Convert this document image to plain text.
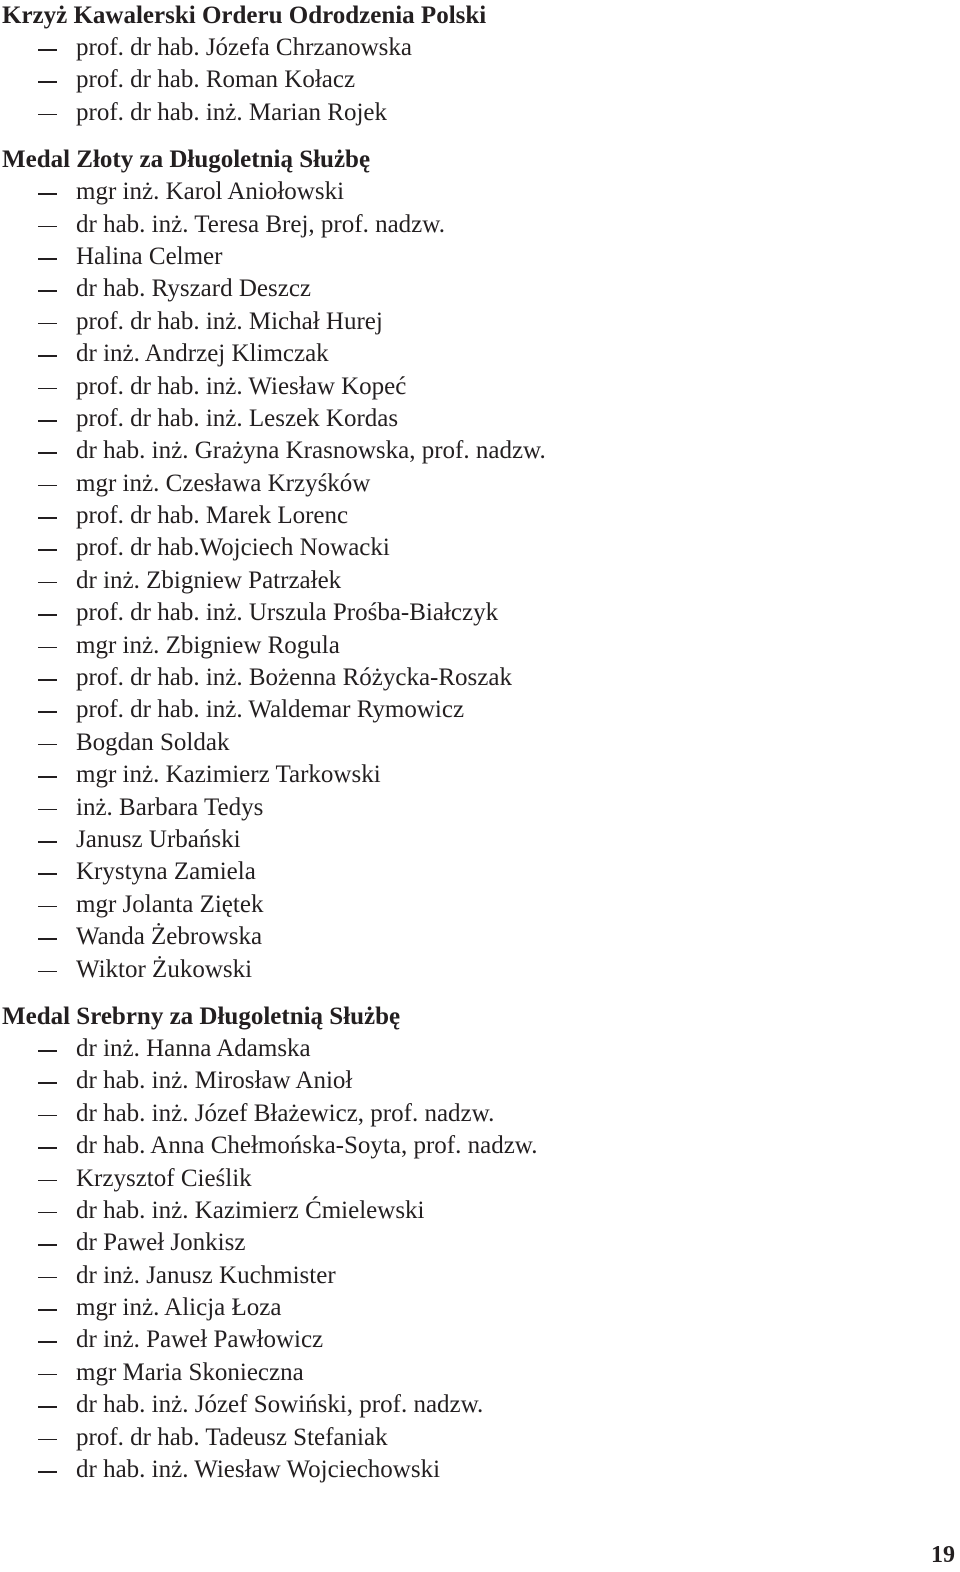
Krzyż Kawalerski Orderu Odrodzenia Polski
prof. dr hab. Józefa Chrzanowska
prof. dr hab. Roman Kołacz
prof. dr hab. inż. Marian Rojek
Medal Złoty za Długoletnią Służbę
mgr inż. Karol Aniołowski
dr hab. inż. Teresa Brej, prof. nadzw.
Halina Celmer
dr hab. Ryszard Deszcz
prof. dr hab. inż. Michał Hurej
dr inż. Andrzej Klimczak
prof. dr hab. inż. Wiesław Kopeć
prof. dr hab. inż. Leszek Kordas
dr hab. inż. Grażyna Krasnowska, prof. nadzw.
mgr inż. Czesława Krzyśków
prof. dr hab. Marek Lorenc
prof. dr hab.Wojciech Nowacki
dr inż. Zbigniew Patrzałek
prof. dr hab. inż. Urszula Prośba-Białczyk
mgr inż. Zbigniew Rogula
prof. dr hab. inż. Bożenna Różycka-Roszak
prof. dr hab. inż. Waldemar Rymowicz
Bogdan Soldak
mgr inż. Kazimierz Tarkowski
inż. Barbara Tedys
Janusz Urbański
Krystyna Zamiela
mgr Jolanta Ziętek
Wanda Żebrowska
Wiktor Żukowski
Medal Srebrny za Długoletnią Służbę
dr inż. Hanna Adamska
dr hab. inż. Mirosław Anioł
dr hab. inż. Józef Błażewicz, prof. nadzw.
dr hab. Anna Chełmońska-Soyta, prof. nadzw.
Krzysztof Cieślik
dr hab. inż. Kazimierz Ćmielewski
dr Paweł Jonkisz
dr inż. Janusz Kuchmister
mgr inż. Alicja Łoza
dr inż. Paweł Pawłowicz
mgr Maria Skonieczna
dr hab. inż. Józef Sowiński, prof. nadzw.
prof. dr hab. Tadeusz Stefaniak
dr hab. inż. Wiesław Wojciechowski
19
